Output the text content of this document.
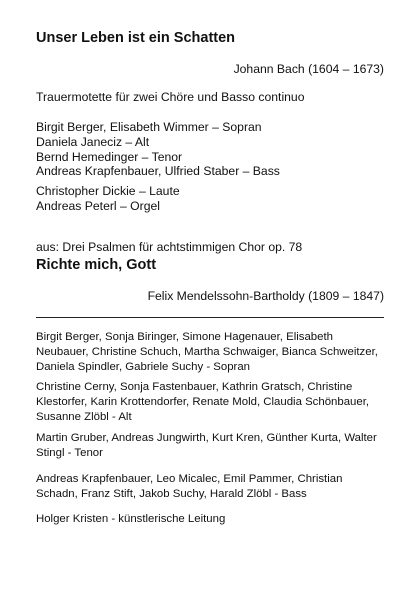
Unser Leben ist ein Schatten
Johann Bach (1604 – 1673)
Trauermotette für zwei Chöre und Basso continuo
Birgit Berger, Elisabeth Wimmer – Sopran
Daniela Janeciz – Alt
Bernd Hemedinger – Tenor
Andreas Krapfenbauer, Ulfried Staber – Bass
Christopher Dickie – Laute
Andreas Peterl – Orgel
aus: Drei Psalmen für achtstimmigen Chor op. 78
Richte mich, Gott
Felix Mendelssohn-Bartholdy (1809 – 1847)
Birgit Berger, Sonja Biringer, Simone Hagenauer, Elisabeth Neubauer, Christine Schuch, Martha Schwaiger, Bianca Schweitzer, Daniela Spindler, Gabriele Suchy - Sopran
Christine Cerny, Sonja Fastenbauer, Kathrin Gratsch, Christine Klestorfer, Karin Krottendorfer, Renate Mold, Claudia Schönbauer, Susanne Zlöbl - Alt
Martin Gruber, Andreas Jungwirth, Kurt Kren, Günther Kurta, Walter Stingl - Tenor
Andreas Krapfenbauer, Leo Micalec, Emil Pammer, Christian Schadn, Franz Stift, Jakob Suchy, Harald Zlöbl - Bass
Holger Kristen - künstlerische Leitung
